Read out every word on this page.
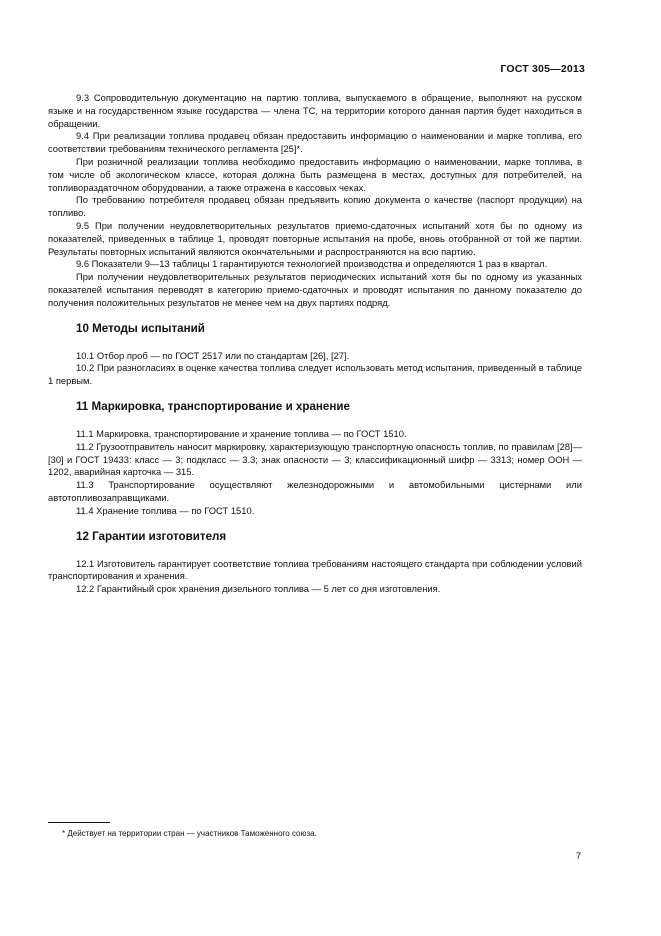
ГОСТ 305—2013

9.3 Сопроводительную документацию на партию топлива, выпускаемого в обращение, выполняют на русском языке и на государственном языке государства — члена ТС, на территории которого данная партия будет находиться в обращении.

9.4 При реализации топлива продавец обязан предоставить информацию о наименовании и марке топлива, его соответствии требованиям технического регламента [25]*.

При розничной реализации топлива необходимо предоставить информацию о наименовании, марке топлива, в том числе об экологическом классе, которая должна быть размещена в местах, доступных для потребителей, на топливораздаточном оборудовании, а также отражена в кассовых чеках.

По требованию потребителя продавец обязан предъявить копию документа о качестве (паспорт продукции) на топливо.

9.5 При получении неудовлетворительных результатов приемо-сдаточных испытаний хотя бы по одному из показателей, приведенных в таблице 1, проводят повторные испытания на пробе, вновь отобранной от той же партии. Результаты повторных испытаний являются окончательными и распространяются на всю партию.

9.6 Показатели 9—13 таблицы 1 гарантируются технологией производства и определяются 1 раз в квартал.

При получении неудовлетворительных результатов периодических испытаний хотя бы по одному из указанных показателей испытания переводят в категорию приемо-сдаточных и проводят испытания по данному показателю до получения положительных результатов не менее чем на двух партиях подряд.

10 Методы испытаний

10.1 Отбор проб — по ГОСТ 2517 или по стандартам [26], [27].

10.2 При разногласиях в оценке качества топлива следует использовать метод испытания, приведенный в таблице 1 первым.

11 Маркировка, транспортирование и хранение

11.1 Маркировка, транспортирование и хранение топлива — по ГОСТ 1510.

11.2 Грузоотправитель наносит маркировку, характеризующую транспортную опасность топлив, по правилам [28]—[30] и ГОСТ 19433: класс — 3; подкласс — 3.3; знак опасности — 3; классификационный шифр — 3313; номер ООН — 1202, аварийная карточка — 315.

11.3 Транспортирование осуществляют железнодорожными и автомобильными цистернами или автотопливозаправщиками.

11.4 Хранение топлива — по ГОСТ 1510.

12 Гарантии изготовителя

12.1 Изготовитель гарантирует соответствие топлива требованиям настоящего стандарта при соблюдении условий транспортирования и хранения.

12.2 Гарантийный срок хранения дизельного топлива — 5 лет со дня изготовления.

* Действует на территории стран — участников Таможенного союза.
7
